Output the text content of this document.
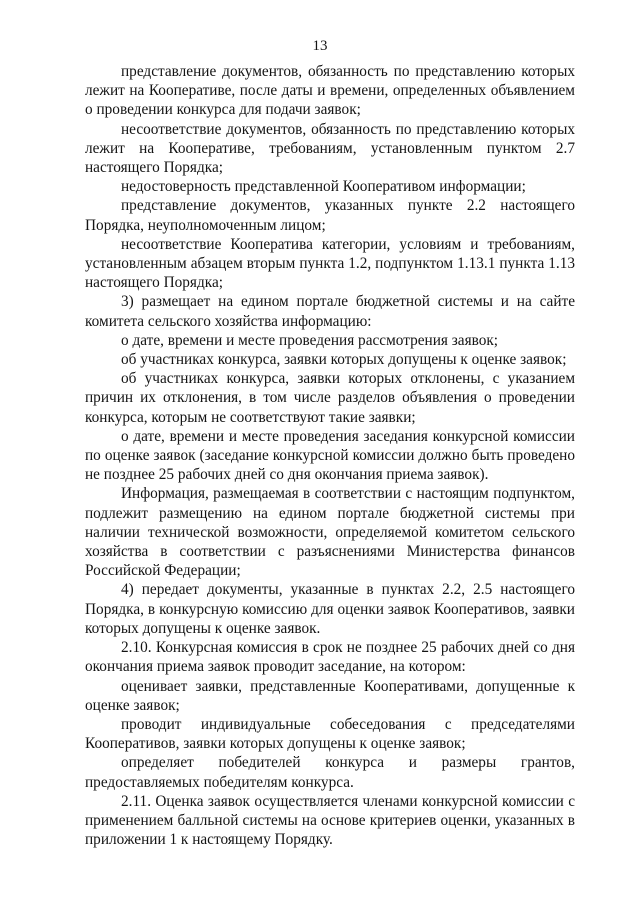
13

представление документов, обязанность по представлению которых лежит на Кооперативе, после даты и времени, определенных объявлением о проведении конкурса для подачи заявок;

несоответствие документов, обязанность по представлению которых лежит на Кооперативе, требованиям, установленным пунктом 2.7 настоящего Порядка;

недостоверность представленной Кооперативом информации;

представление документов, указанных пункте 2.2 настоящего Порядка, неуполномоченным лицом;

несоответствие Кооператива категории, условиям и требованиям, установленным абзацем вторым пункта 1.2, подпунктом 1.13.1 пункта 1.13 настоящего Порядка;

3) размещает на едином портале бюджетной системы и на сайте комитета сельского хозяйства информацию:

о дате, времени и месте проведения рассмотрения заявок;

об участниках конкурса, заявки которых допущены к оценке заявок;

об участниках конкурса, заявки которых отклонены, с указанием причин их отклонения, в том числе разделов объявления о проведении конкурса, которым не соответствуют такие заявки;

о дате, времени и месте проведения заседания конкурсной комиссии по оценке заявок (заседание конкурсной комиссии должно быть проведено не позднее 25 рабочих дней со дня окончания приема заявок).

Информация, размещаемая в соответствии с настоящим подпунктом, подлежит размещению на едином портале бюджетной системы при наличии технической возможности, определяемой комитетом сельского хозяйства в соответствии с разъяснениями Министерства финансов Российской Федерации;

4) передает документы, указанные в пунктах 2.2, 2.5 настоящего Порядка, в конкурсную комиссию для оценки заявок Кооперативов, заявки которых допущены к оценке заявок.

2.10. Конкурсная комиссия в срок не позднее 25 рабочих дней со дня окончания приема заявок проводит заседание, на котором:

оценивает заявки, представленные Кооперативами, допущенные к оценке заявок;

проводит индивидуальные собеседования с председателями Кооперативов, заявки которых допущены к оценке заявок;

определяет победителей конкурса и размеры грантов, предоставляемых победителям конкурса.

2.11. Оценка заявок осуществляется членами конкурсной комиссии с применением балльной системы на основе критериев оценки, указанных в приложении 1 к настоящему Порядку.
